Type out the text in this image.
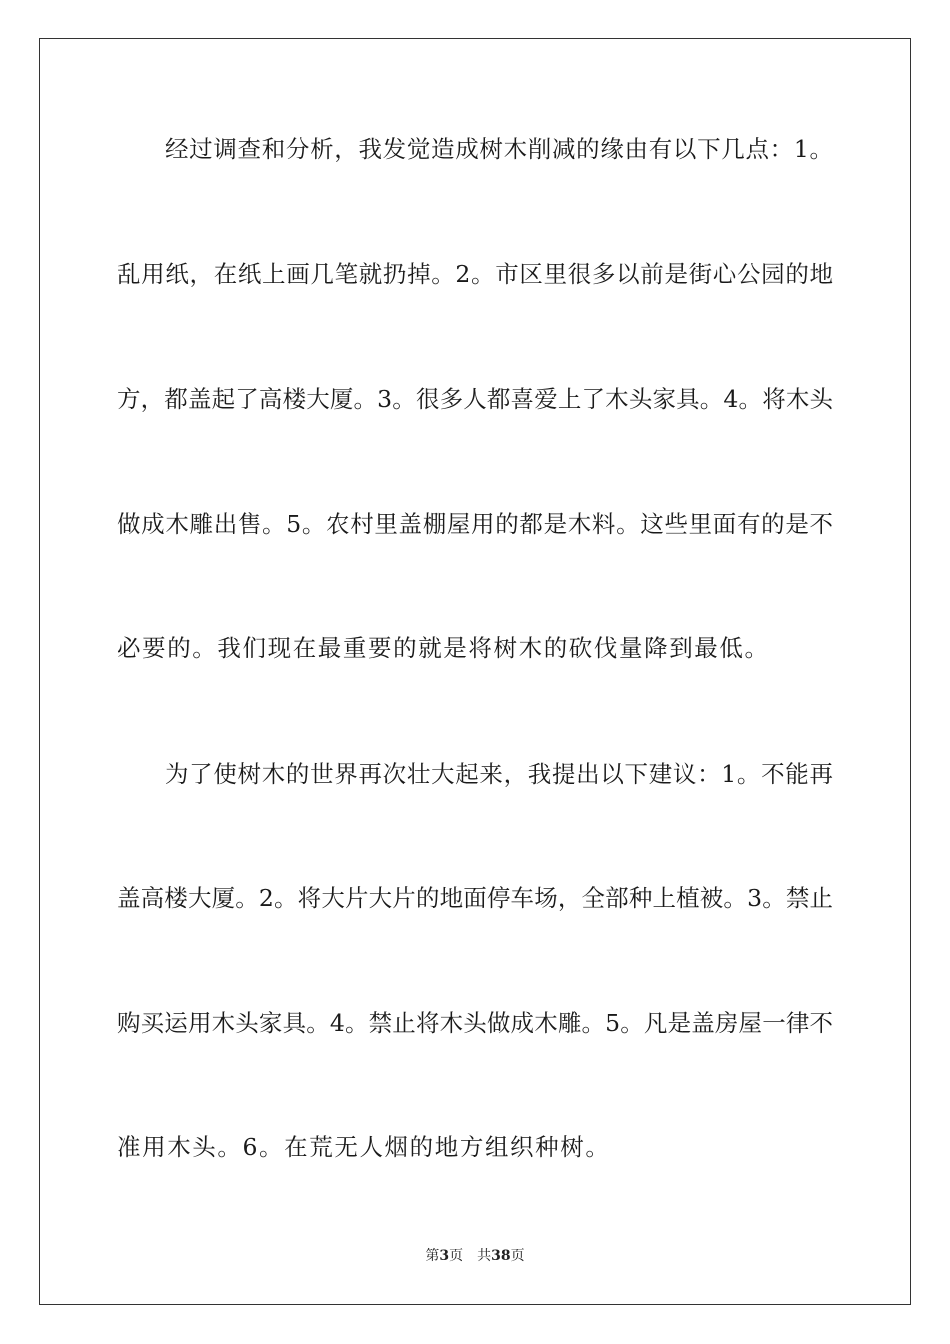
经过调查和分析，我发觉造成树木削减的缘由有以下几点：1。
乱用纸，在纸上画几笔就扔掉。2。市区里很多以前是街心公园的地
方，都盖起了高楼大厦。3。很多人都喜爱上了木头家具。4。将木头
做成木雕出售。5。农村里盖棚屋用的都是木料。这些里面有的是不
必要的。我们现在最重要的就是将树木的砍伐量降到最低。
为了使树木的世界再次壮大起来，我提出以下建议：1。不能再
盖高楼大厦。2。将大片大片的地面停车场，全部种上植被。3。禁止
购买运用木头家具。4。禁止将木头做成木雕。5。凡是盖房屋一律不
准用木头。6。在荒无人烟的地方组织种树。
第3页 共38页
